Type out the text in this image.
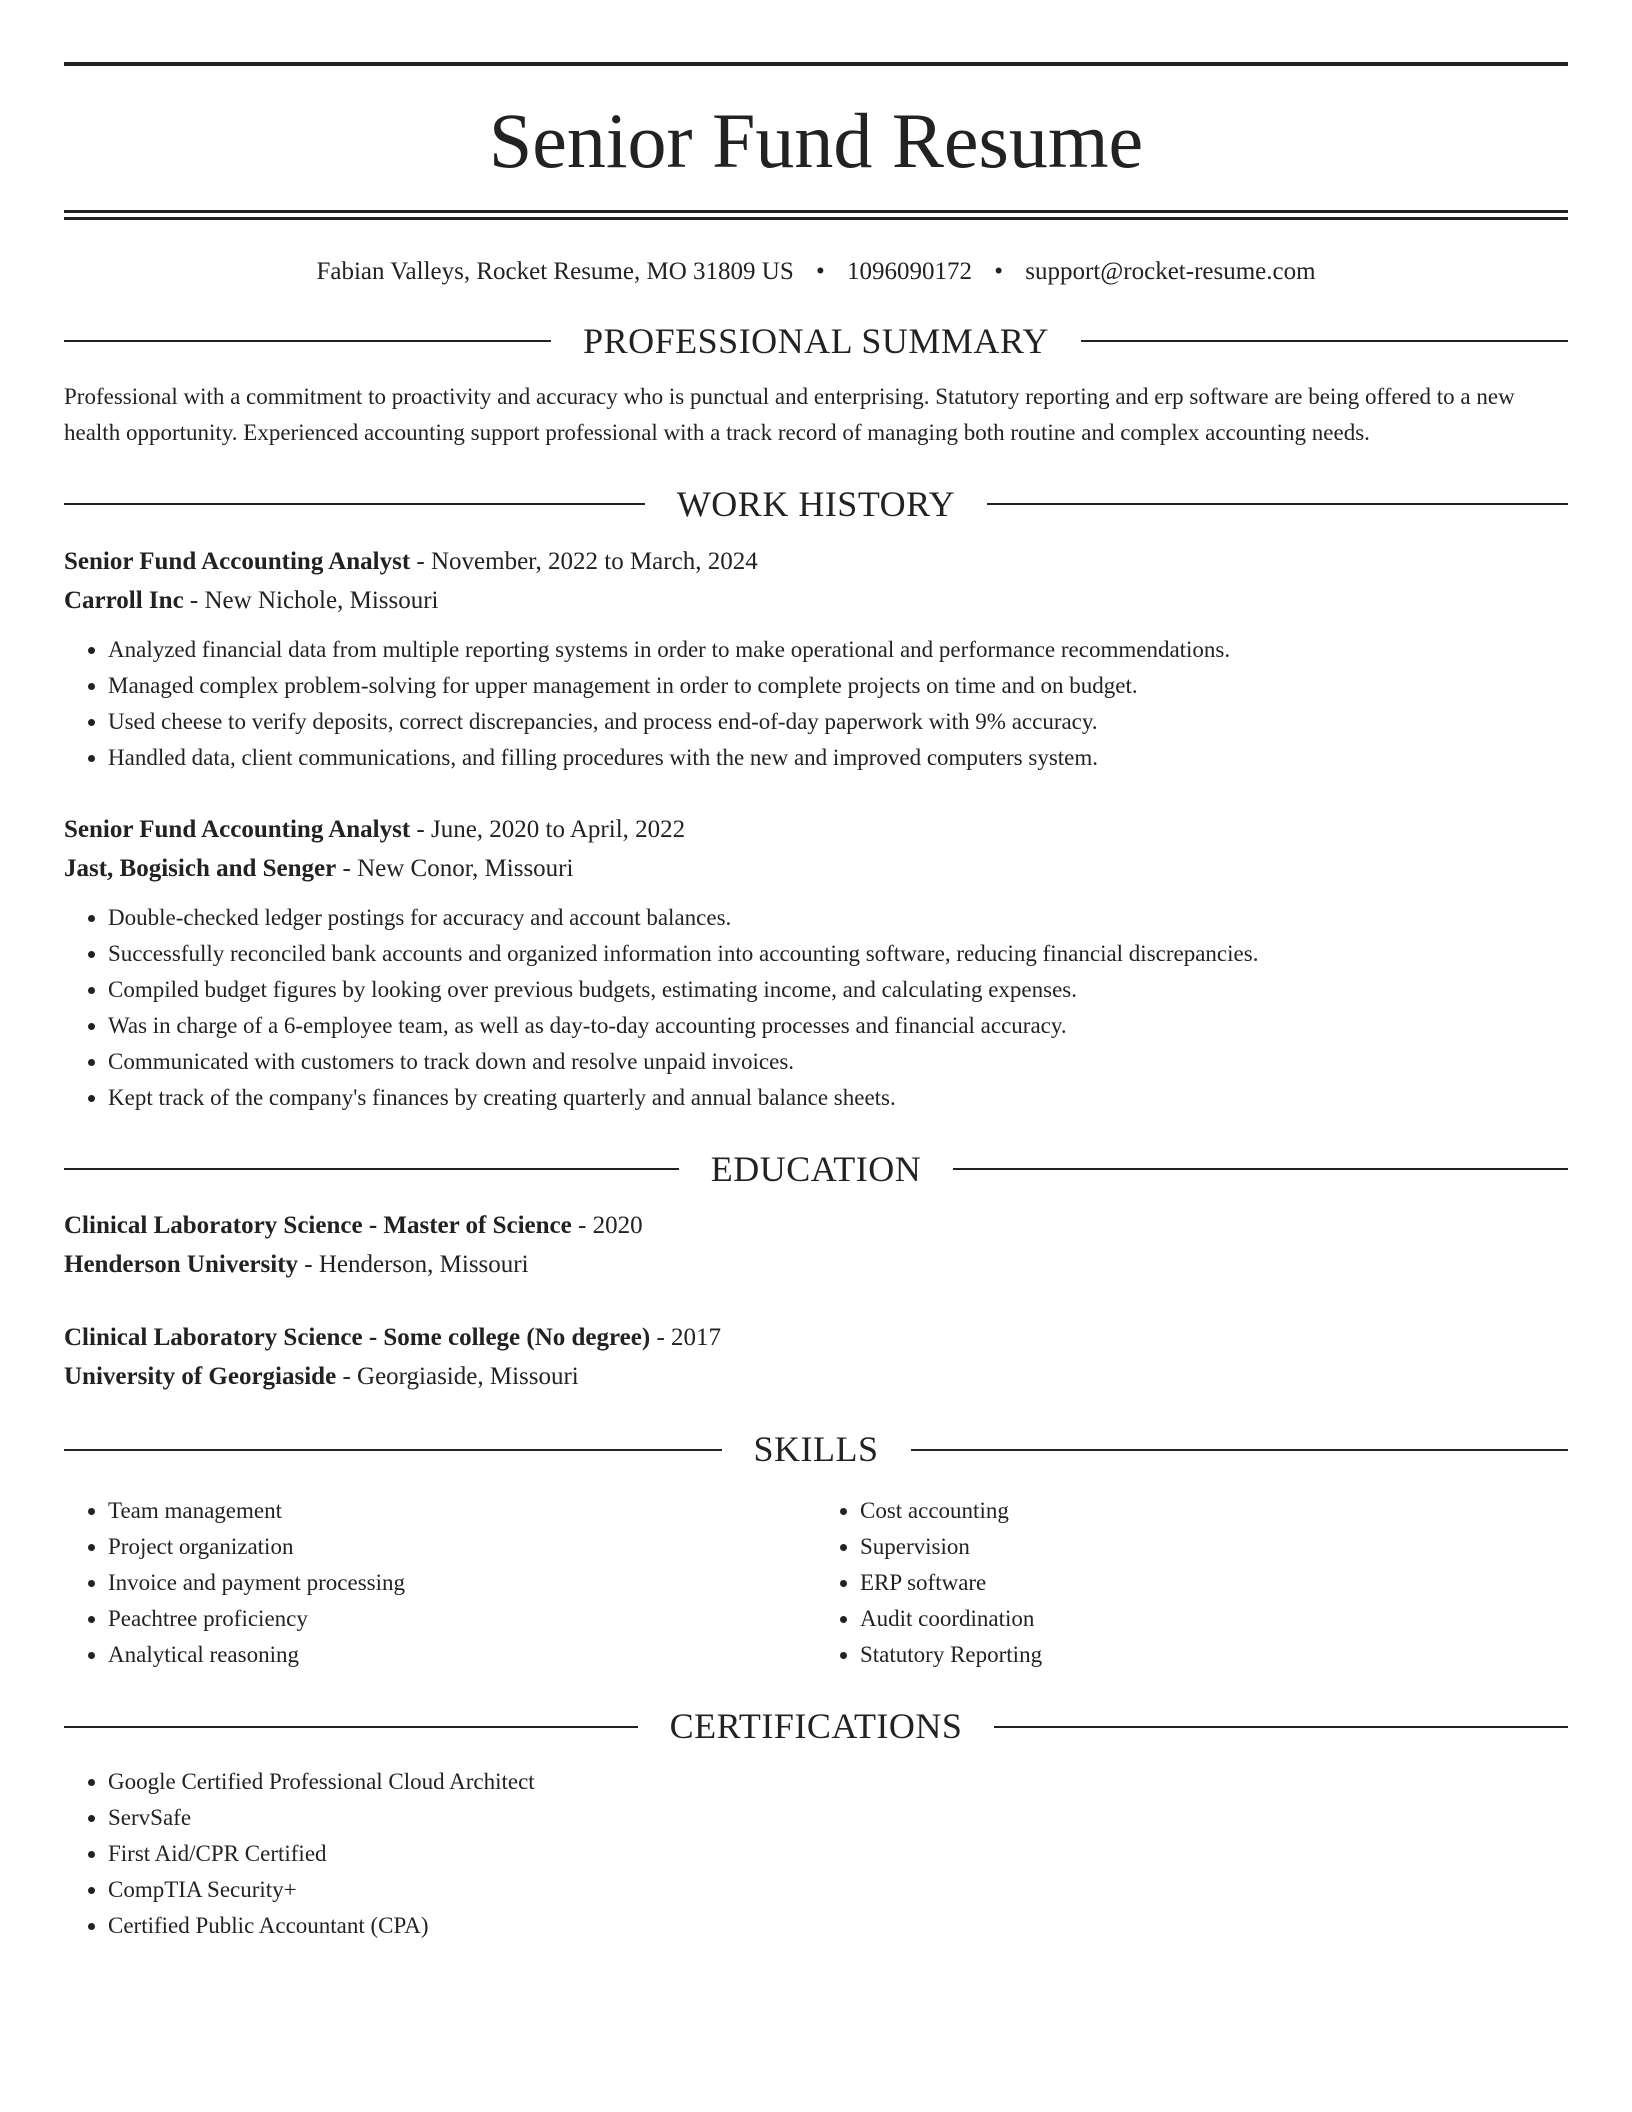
Senior Fund Resume
Fabian Valleys, Rocket Resume, MO 31809 US • 1096090172 • support@rocket-resume.com
PROFESSIONAL SUMMARY

Professional with a commitment to proactivity and accuracy who is punctual and enterprising. Statutory reporting and erp software are being offered to a new health opportunity. Experienced accounting support professional with a track record of managing both routine and complex accounting needs.

WORK HISTORY
Senior Fund Accounting Analyst - November, 2022 to March, 2024
Carroll Inc - New Nichole, Missouri
• Analyzed financial data from multiple reporting systems in order to make operational and performance recommendations.
• Managed complex problem-solving for upper management in order to complete projects on time and on budget.
• Used cheese to verify deposits, correct discrepancies, and process end-of-day paperwork with 9% accuracy.
• Handled data, client communications, and filling procedures with the new and improved computers system.
Senior Fund Accounting Analyst - June, 2020 to April, 2022
Jast, Bogisich and Senger - New Conor, Missouri
• Double-checked ledger postings for accuracy and account balances.
• Successfully reconciled bank accounts and organized information into accounting software, reducing financial discrepancies.
• Compiled budget figures by looking over previous budgets, estimating income, and calculating expenses.
• Was in charge of a 6-employee team, as well as day-to-day accounting processes and financial accuracy.
• Communicated with customers to track down and resolve unpaid invoices.
• Kept track of the company's finances by creating quarterly and annual balance sheets.
EDUCATION
Clinical Laboratory Science - Master of Science - 2020
Henderson University - Henderson, Missouri
Clinical Laboratory Science - Some college (No degree) - 2017
University of Georgiaside - Georgiaside, Missouri
SKILLS
• Team management
• Project organization
• Invoice and payment processing
• Peachtree proficiency
• Analytical reasoning
• Cost accounting
• Supervision
• ERP software
• Audit coordination
• Statutory Reporting
CERTIFICATIONS
• Google Certified Professional Cloud Architect
• ServSafe
• First Aid/CPR Certified
• CompTIA Security+
• Certified Public Accountant (CPA)
